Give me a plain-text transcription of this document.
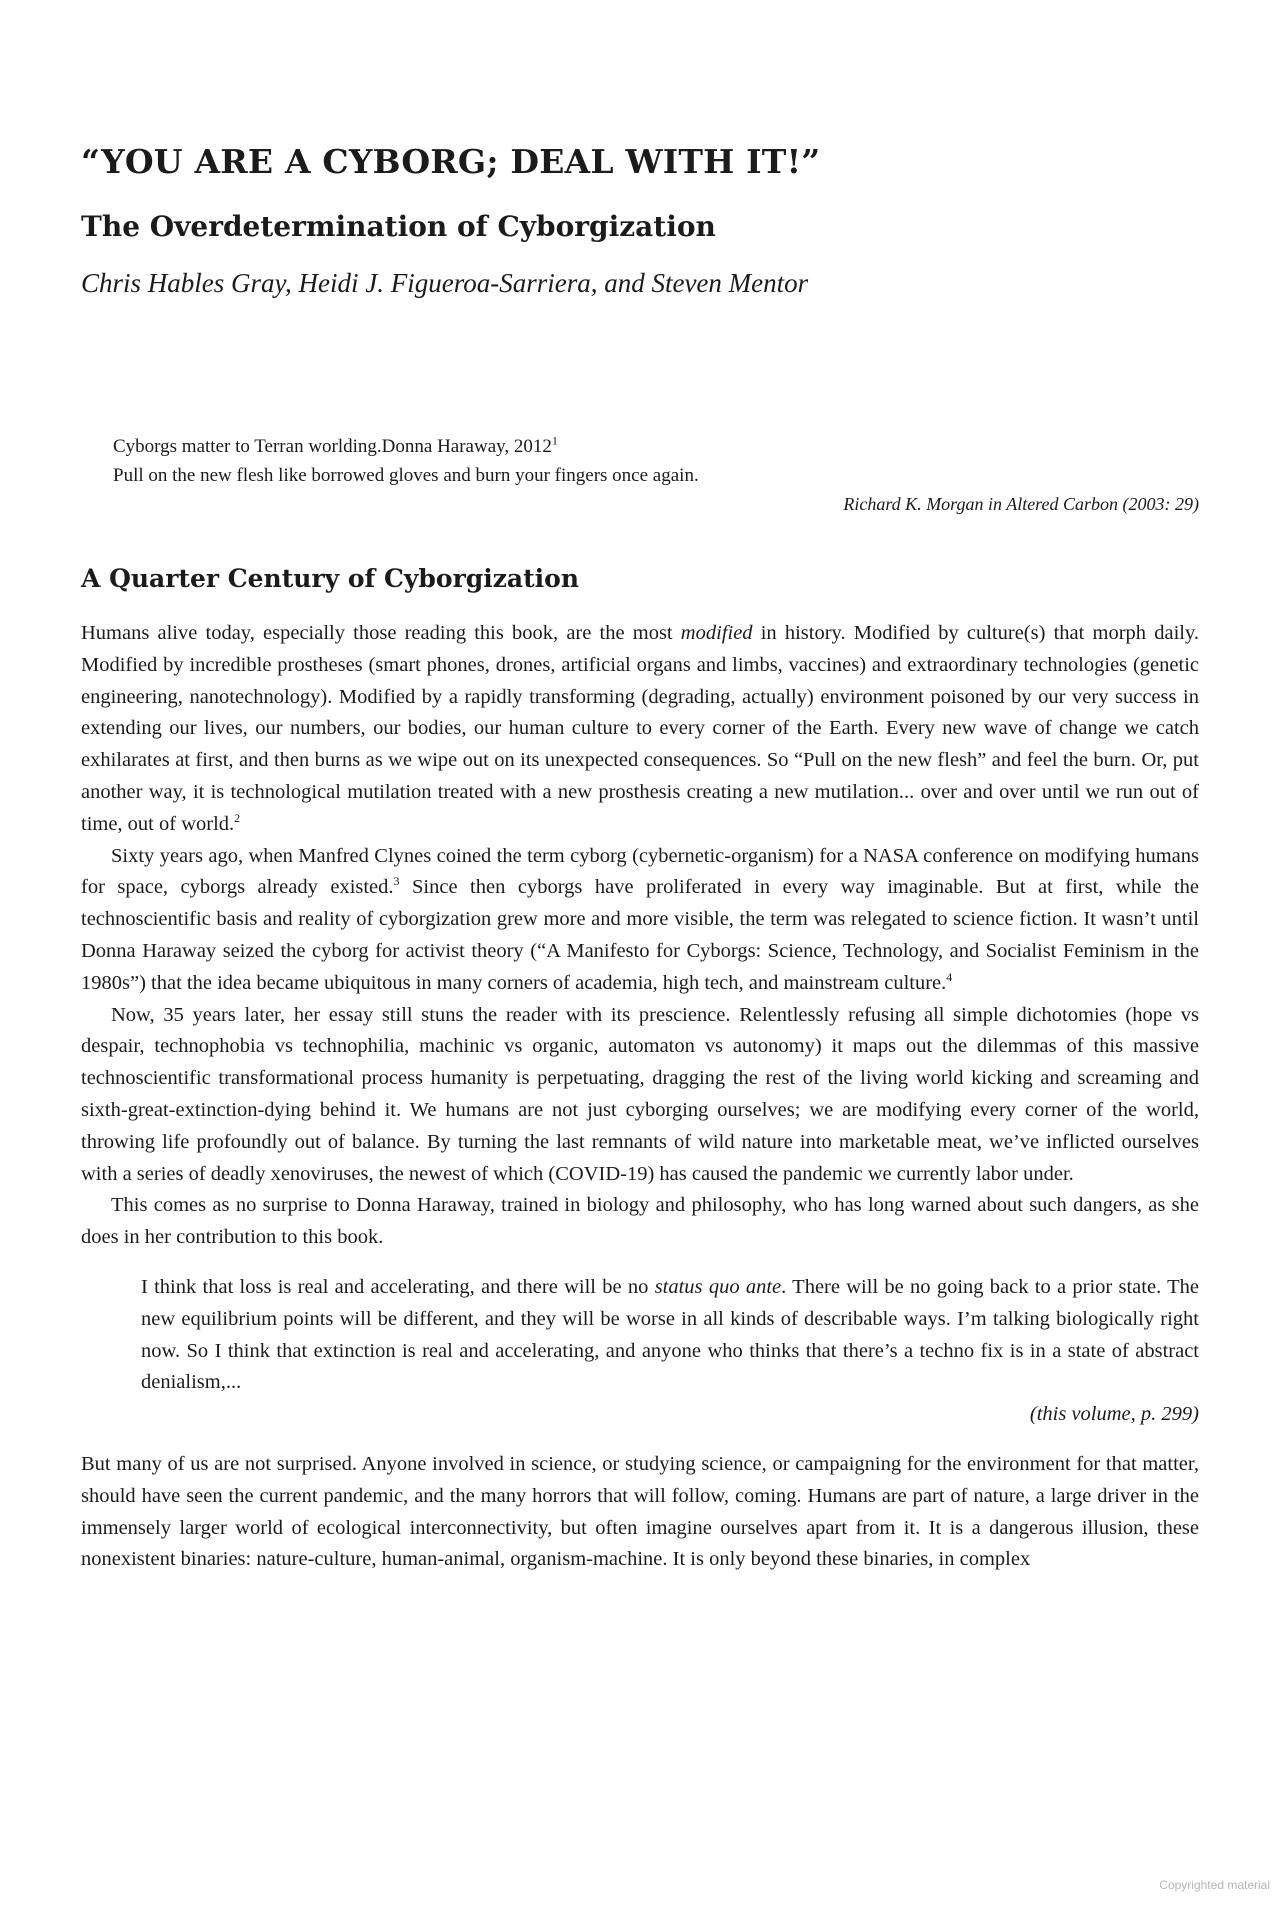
“YOU ARE A CYBORG; DEAL WITH IT!”
The Overdetermination of Cyborgization

Chris Hables Gray, Heidi J. Figueroa-Sarriera, and Steven Mentor

Cyborgs matter to Terran worlding.Donna Haraway, 2012$^1$

Pull on the new flesh like borrowed gloves and burn your fingers once again.

Richard K. Morgan in Altered Carbon (2003: 29)

A Quarter Century of Cyborgization

Humans alive today, especially those reading this book, are the most modified in history. Modified by culture(s) that morph daily. Modified by incredible prostheses (smart phones, drones, artificial organs and limbs, vaccines) and extraordinary technologies (genetic engineering, nanotechnology). Modified by a rapidly transforming (degrading, actually) environment poisoned by our very success in extending our lives, our numbers, our bodies, our human culture to every corner of the Earth. Every new wave of change we catch exhilarates at first, and then burns as we wipe out on its unexpected consequences. So “Pull on the new flesh” and feel the burn. Or, put another way, it is technological mutilation treated with a new prosthesis creating a new mutilation... over and over until we run out of time, out of world.$^2$

Sixty years ago, when Manfred Clynes coined the term cyborg (cybernetic-organism) for a NASA conference on modifying humans for space, cyborgs already existed.$^3$ Since then cyborgs have proliferated in every way imaginable. But at first, while the technoscientific basis and reality of cyborgization grew more and more visible, the term was relegated to science fiction. It wasn’t until Donna Haraway seized the cyborg for activist theory (“A Manifesto for Cyborgs: Science, Technology, and Socialist Feminism in the 1980s”) that the idea became ubiquitous in many corners of academia, high tech, and mainstream culture.$^4$

Now, 35 years later, her essay still stuns the reader with its prescience. Relentlessly refusing all simple dichotomies (hope vs despair, technophobia vs technophilia, machinic vs organic, automaton vs autonomy) it maps out the dilemmas of this massive technoscientific transformational process humanity is perpetuating, dragging the rest of the living world kicking and screaming and sixth-great-extinction-dying behind it. We humans are not just cyborging ourselves; we are modifying every corner of the world, throwing life profoundly out of balance. By turning the last remnants of wild nature into marketable meat, we’ve inflicted ourselves with a series of deadly xenoviruses, the newest of which (COVID-19) has caused the pandemic we currently labor under.

This comes as no surprise to Donna Haraway, trained in biology and philosophy, who has long warned about such dangers, as she does in her contribution to this book.

I think that loss is real and accelerating, and there will be no status quo ante. There will be no going back to a prior state. The new equilibrium points will be different, and they will be worse in all kinds of describable ways. I’m talking biologically right now. So I think that extinction is real and accelerating, and anyone who thinks that there’s a techno fix is in a state of abstract denialism,...

(this volume, p. 299)

But many of us are not surprised. Anyone involved in science, or studying science, or campaigning for the environment for that matter, should have seen the current pandemic, and the many horrors that will follow, coming. Humans are part of nature, a large driver in the immensely larger world of ecological interconnectivity, but often imagine ourselves apart from it. It is a dangerous illusion, these nonexistent binaries: nature-culture, human-animal, organism-machine. It is only beyond these binaries, in complex

Copyrighted material
